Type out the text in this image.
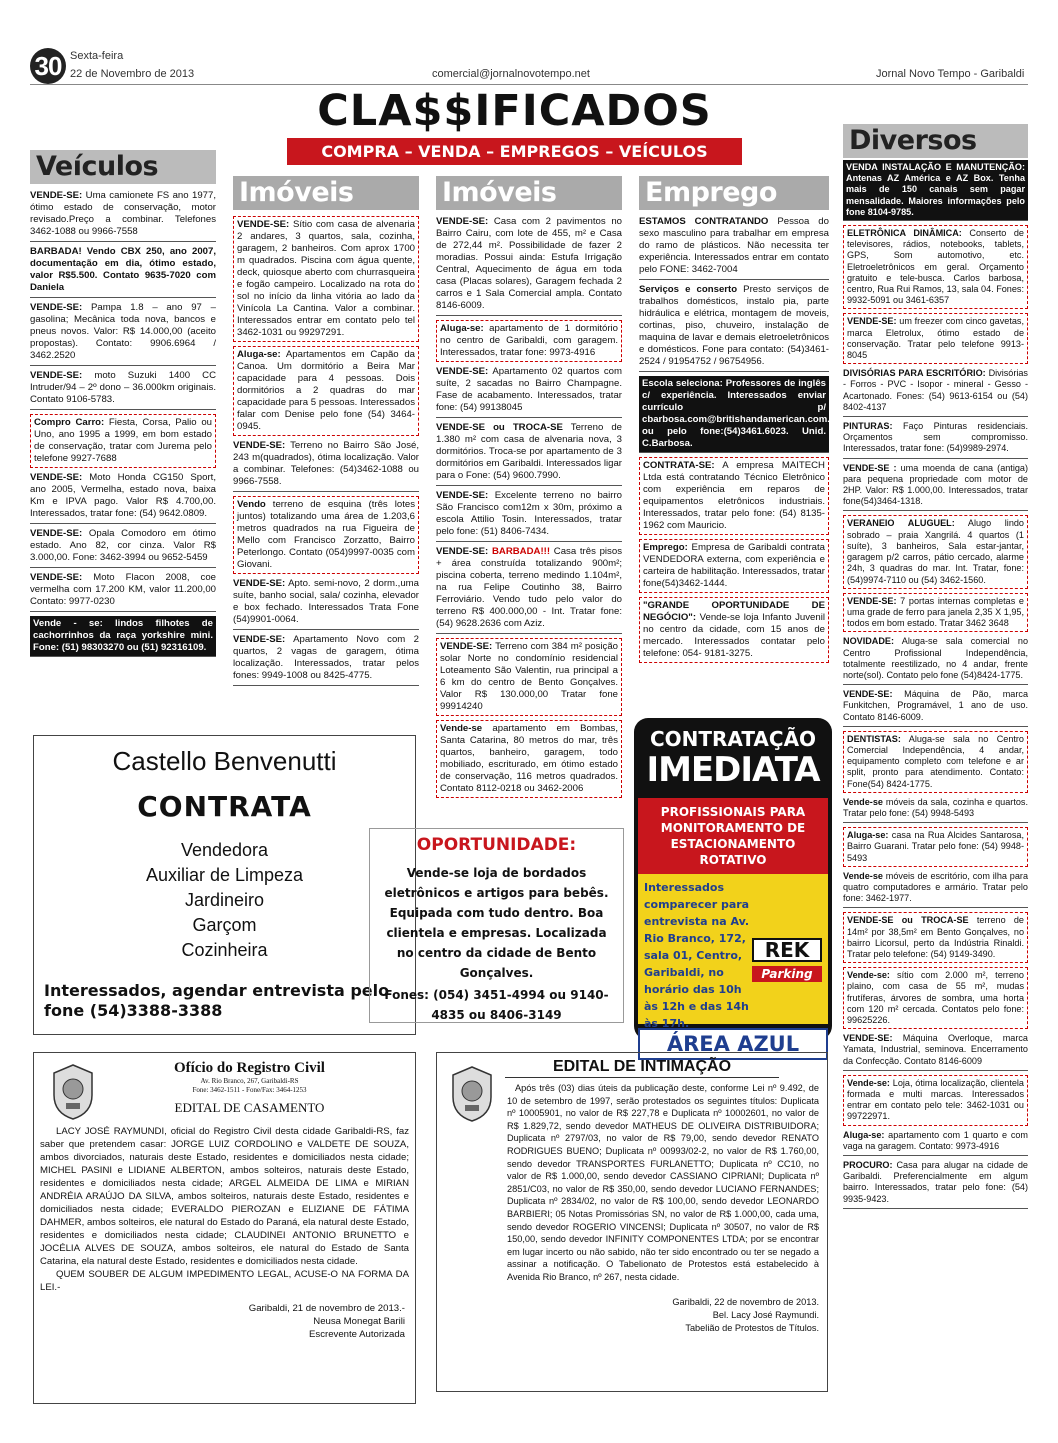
30 Sexta-feira
22 de Novembro de 2013	comercial@jornalnovotempo.net	Jornal Novo Tempo - Garibaldi
CLA$$IFICADOS
COMPRA – VENDA – EMPREGOS – VEÍCULOS
Veículos
Imóveis	Imóveis	Emprego
Diversos

VENDE-SE: Uma camionete FS ano 1977, ótimo estado de conservação, motor revisado.Preço a combinar. Telefones 3462-1088 ou 9966-7558

BARBADA! Vendo CBX 250, ano 2007, documentação em dia, ótimo estado, valor R$5.500. Contato 9635-7020 com Daniela

VENDE-SE: Pampa 1.8 – ano 97 – gasolina; Mecânica toda nova, bancos e pneus novos. Valor: R$ 14.000,00 (aceito propostas). Contato: 9906.6964 / 3462.2520

VENDE-SE: moto Suzuki 1400 CC Intruder/94 – 2º dono – 36.000km originais. Contato 9106-5783.

Compro Carro: Fiesta, Corsa, Palio ou Uno, ano 1995 a 1999, em bom estado de conservação, tratar com Jurema pelo telefone 9927-7688

VENDE-SE: Moto Honda CG150 Sport, ano 2005, Vermelha, estado nova, baixa Km e IPVA pago. Valor R$ 4.700,00. Interessados, tratar fone: (54) 9642.0809.

VENDE-SE: Opala Comodoro em ótimo estado. Ano 82, cor cinza. Valor R$ 3.000,00. Fone: 3462-3994 ou 9652-5459

VENDE-SE: Moto Flacon 2008, coe vermelha com 17.200 KM, valor 11.200,00 Contato: 9977-0230

Vende - se: lindos filhotes de cachorrinhos da raça yorkshire mini. Fone: (51) 98303270 ou (51) 92316109.

VENDE-SE: Sítio com casa de alvenaria 2 andares, 3 quartos, sala, cozinha, garagem, 2 banheiros. Com aprox 1700 m quadrados. Piscina com água quente, deck, quiosque aberto com churrasqueira e fogão campeiro. Localizado na rota do sol no início da linha vitória ao lado da Vinícola La Cantina. Valor a combinar. Interessados entrar em contato pelo tel 3462-1031 ou 99297291.

Aluga-se: Apartamentos em Capão da Canoa. Um dormitório a Beira Mar capacidade para 4 pessoas. Dois dormitórios a 2 quadras do mar capacidade para 5 pessoas. Interessados falar com Denise pelo fone (54) 3464-0945.

VENDE-SE: Terreno no Bairro São José, 243 m(quadrados), ótima localização. Valor a combinar. Telefones: (54)3462-1088 ou 9966-7558.

Vendo terreno de esquina (três lotes juntos) totalizando uma área de 1.203,6 metros quadrados na rua Figueira de Mello com Francisco Zorzatto, Bairro Peterlongo. Contato (054)9997-0035 com Giovani.

VENDE-SE: Apto. semi-novo, 2 dorm.,uma suíte, banho social, sala/ cozinha, elevador e box fechado. Interessados Trata Fone (54)9901-0064.

VENDE-SE: Apartamento Novo com 2 quartos, 2 vagas de garagem, ótima localização. Interessados, tratar pelos fones: 9949-1008 ou 8425-4775.

VENDE-SE: Casa com 2 pavimentos no Bairro Cairu, com lote de 455, m² e Casa de 272,44 m². Possibilidade de fazer 2 moradias. Possui ainda: Estufa Irrigação Central, Aquecimento de água em toda casa (Placas solares), Garagem fechada 2 carros e 1 Sala Comercial ampla. Contato 8146-6009.

Aluga-se: apartamento de 1 dormitório no centro de Garibaldi, com garagem. Interessados, tratar fone: 9973-4916

VENDE-SE: Apartamento 02 quartos com suíte, 2 sacadas no Bairro Champagne. Fase de acabamento. Interessados, tratar fone: (54) 99138045

VENDE-SE ou TROCA-SE Terreno de 1.380 m² com casa de alvenaria nova, 3 dormitórios. Troca-se por apartamento de 3 dormitórios em Garibaldi. Interessados ligar para o Fone: (54) 9600.7990.

VENDE-SE: Excelente terreno no bairro São Francisco com12m x 30m, próximo a escola Attilio Tosin. Interessados, tratar pelo fone: (51) 8406-7434.

VENDE-SE: BARBADA!!! Casa três pisos + área construída totalizando 900m²; piscina coberta, terreno medindo 1.104m², na rua Felipe Coutinho 38, Bairro Ferroviário. Vendo tudo pelo valor do terreno R$ 400.000,00 - Int. Tratar fone: (54) 9628.2636 com Aziz.

VENDE-SE: Terreno com 384 m² posição solar Norte no condomínio residencial Loteamento São Valentin, rua principal a 6 km do centro de Bento Gonçalves. Valor R$ 130.000,00 Tratar fone 99914240

Vende-se apartamento em Bombas, Santa Catarina, 80 metros do mar, três quartos, banheiro, garagem, todo mobiliado, escriturado, em ótimo estado de conservação, 116 metros quadrados. Contato 8112-0218 ou 3462-2006

ESTAMOS CONTRATANDO Pessoa do sexo masculino para trabalhar em empresa do ramo de plásticos. Não necessita ter experiência. Interessados entrar em contato pelo FONE: 3462-7004

Serviços e conserto Presto serviços de trabalhos domésticos, instalo pia, parte hidráulica e elétrica, montagem de moveis, cortinas, piso, chuveiro, instalação de maquina de lavar e demais eletroeletrônicos e domésticos. Fone para contato: (54)3461-2524 / 91954752 / 96754956.

Escola seleciona: Professores de inglês c/ experiência. Interessados enviar currículo p/ cbarbosa.com@britishandamerican.com.br ou pelo fone:(54)3461.6023. Unid. C.Barbosa.

CONTRATA-SE: A empresa MAITECH Ltda está contratando Técnico Eletrônico com experiência em reparos de equipamentos eletrônicos industriais. Interessados, tratar pelo fone: (54) 8135-1962 com Mauricio.

Emprego: Empresa de Garibaldi contrata VENDEDORA externa, com experiência e carteira de habilitação. Interessados, tratar fone(54)3462-1444.

"GRANDE OPORTUNIDADE DE NEGÓCIO": Vende-se loja Infanto Juvenil no centro da cidade, com 15 anos de mercado. Interessados contatar pelo telefone: 054- 9181-3275.

VENDA INSTALAÇÃO E MANUTENÇÃO: Antenas AZ América e AZ Box. Tenha mais de 150 canais sem pagar mensalidade. Maiores informações pelo fone 8104-9785.

ELETRÔNICA DINÂMICA: Conserto de televisores, rádios, notebooks, tablets, GPS, Som automotivo, etc. Eletroeletrônicos em geral. Orçamento gratuito e tele-busca. Carlos barbosa, centro, Rua Rui Ramos, 13, sala 04. Fones: 9932-5091 ou 3461-6357

VENDE-SE: um freezer com cinco gavetas, marca Eletrolux, ótimo estado de conservação. Tratar pelo telefone 9913-8045

DIVISÓRIAS PARA ESCRITÓRIO: Divisórias - Forros - PVC - Isopor - mineral - Gesso - Acartonado. Fones: (54) 9613-6154 ou (54) 8402-4137

PINTURAS: Faço Pinturas residenciais. Orçamentos sem compromisso. Interessados, tratar fone: (54)9989-2974.

VENDE-SE : uma moenda de cana (antiga) para pequena propriedade com motor de 2HP. Valor: R$ 1.000,00. Interessados, tratar fone(54)3464-1318.

VERANEIO ALUGUEL: Alugo lindo sobrado – praia Xangrilá. 4 quartos (1 suíte), 3 banheiros, Sala estar-jantar, garagem p/2 carros, pátio cercado, alarme 24h, 3 quadras do mar. Int. Tratar, fone: (54)9974-7110 ou (54) 3462-1560.

VENDE-SE: 7 portas internas completas e uma grade de ferro para janela 2,35 X 1,95, todos em bom estado. Tratar 3462 3648

NOVIDADE: Aluga-se sala comercial no Centro Profissional Independência, totalmente reestilizado, no 4 andar, frente norte(sol). Contato pelo fone (54)8424-1775.

VENDE-SE: Máquina de Pão, marca Funkitchen, Programável, 1 ano de uso. Contato 8146-6009.

DENTISTAS: Aluga-se sala no Centro Comercial Independência, 4 andar, equipamento completo com telefone e ar split, pronto para atendimento. Contato: Fone(54) 8424-1775.

Vende-se móveis da sala, cozinha e quartos. Tratar pelo fone: (54) 9948-5493

Aluga-se: casa na Rua Alcides Santarosa, Bairro Guarani. Tratar pelo fone: (54) 9948-5493

Vende-se móveis de escritório, com ilha para quatro computadores e armário. Tratar pelo fone: 3462-1977.

VENDE-SE ou TROCA-SE terreno de 14m² por 38,5m² em Bento Gonçalves, no bairro Licorsul, perto da Indústria Rinaldi. Tratar pelo telefone: (54) 9149-3490.

Vende-se: sítio com 2.000 m², terreno plaino, com casa de 55 m², mudas frutíferas, árvores de sombra, uma horta com 120 m² cercada. Contatos pelo fone: 99625226.

VENDE-SE: Máquina Overloque, marca Yamata, Industrial, seminova. Encerramento da Confecção. Contato 8146-6009

Vende-se: Loja, ótima localização, clientela formada e multi marcas. Interessados entrar em contato pelo tele: 3462-1031 ou 99722971.

Aluga-se: apartamento com 1 quarto e com vaga na garagem. Contato: 9973-4916

PROCURO: Casa para alugar na cidade de Garibaldi. Preferencialmente em algum bairro. Interessados, tratar pelo fone: (54) 9935-9423.

Castello Benvenutti
CONTRATA
Vendedora
Auxiliar de Limpeza
Jardineiro
Garçom
Cozinheira
Interessados, agendar entrevista pelo fone (54)3388-3388
OPORTUNIDADE:
Vende-se loja de bordados eletrônicos e artigos para bebês. Equipada com tudo dentro. Boa clientela e empresas. Localizada no centro da cidade de Bento Gonçalves.
Fones: (054) 3451-4994 ou 9140-4835 ou 8406-3149
CONTRATAÇÃO
IMEDIATA
PROFISSIONAIS PARA MONITORAMENTO DE ESTACIONAMENTO ROTATIVO
Interessados comparecer para entrevista na Av. Rio Branco, 172, sala 01, Centro, Garibaldi, no horário das 10h às 12h e das 14h às 17h.
REK
Parking
ÁREA AZUL
Ofício do Registro Civil
Av. Rio Branco, 267, Garibaldi-RS
Fone: 3462-1511 - Fone/Fax: 3464-1253
EDITAL DE CASAMENTO
LACY JOSÉ RAYMUNDI, oficial do Registro Civil desta cidade Garibaldi-RS, faz saber que pretendem casar: JORGE LUIZ CORDOLINO e VALDETE DE SOUZA, ambos divorciados, naturais deste Estado, residentes e domiciliados nesta cidade; MICHEL PASINI e LIDIANE ALBERTON, ambos solteiros, naturais deste Estado, residentes e domiciliados nesta cidade; ARGEL ALMEIDA DE LIMA e MIRIAN ANDRÉIA ARAÚJO DA SILVA, ambos solteiros, naturais deste Estado, residentes e domiciliados nesta cidade; EVERALDO PIEROZAN e ELIZIANE DE FÁTIMA DAHMER, ambos solteiros, ele natural do Estado do Paraná, ela natural deste Estado, residentes e domiciliados nesta cidade; CLAUDINEI ANTONIO BRUNETTO e JOCÉLIA ALVES DE SOUZA, ambos solteiros, ele natural do Estado de Santa Catarina, ela natural deste Estado, residentes e domiciliados nesta cidade.
QUEM SOUBER DE ALGUM IMPEDIMENTO LEGAL, ACUSE-O NA FORMA DA LEI.-
Garibaldi, 21 de novembro de 2013.-
Neusa Monegat Barili
Escrevente Autorizada
EDITAL DE INTIMAÇÃO
Após três (03) dias úteis da publicação deste, conforme Lei nº 9.492, de 10 de setembro de 1997, serão protestados os seguintes títulos: Duplicata nº 10005901, no valor de R$ 227,78 e Duplicata nº 10002601, no valor de R$ 1.829,72, sendo devedor MATHEUS DE OLIVEIRA DISTRIBUIDORA; Duplicata nº 2797/03, no valor de R$ 79,00, sendo devedor RENATO RODRIGUES BUENO; Duplicata nº 00993/02-2, no valor de R$ 1.760,00, sendo devedor TRANSPORTES FURLANETTO; Duplicata nº CC10, no valor de R$ 1.000,00, sendo devedor CASSIANO CIPRIANI; Duplicata nº 2851/C03, no valor de R$ 350,00, sendo devedor LUCIANO FERNANDES; Duplicata nº 2834/02, no valor de R$ 100,00, sendo devedor LEONARDO BARBIERI; 05 Notas Promissórias SN, no valor de R$ 1.000,00, cada uma, sendo devedor ROGERIO VINCENSI; Duplicata nº 30507, no valor de R$ 150,00, sendo devedor INFINITY COMPONENTES LTDA; por se encontrar em lugar incerto ou não sabido, não ter sido encontrado ou ter se negado a assinar a notificação. O Tabelionato de Protestos está estabelecido à Avenida Rio Branco, nº 267, nesta cidade.
Garibaldi, 22 de novembro de 2013.
Bel. Lacy José Raymundi.
Tabelião de Protestos de Títulos.
